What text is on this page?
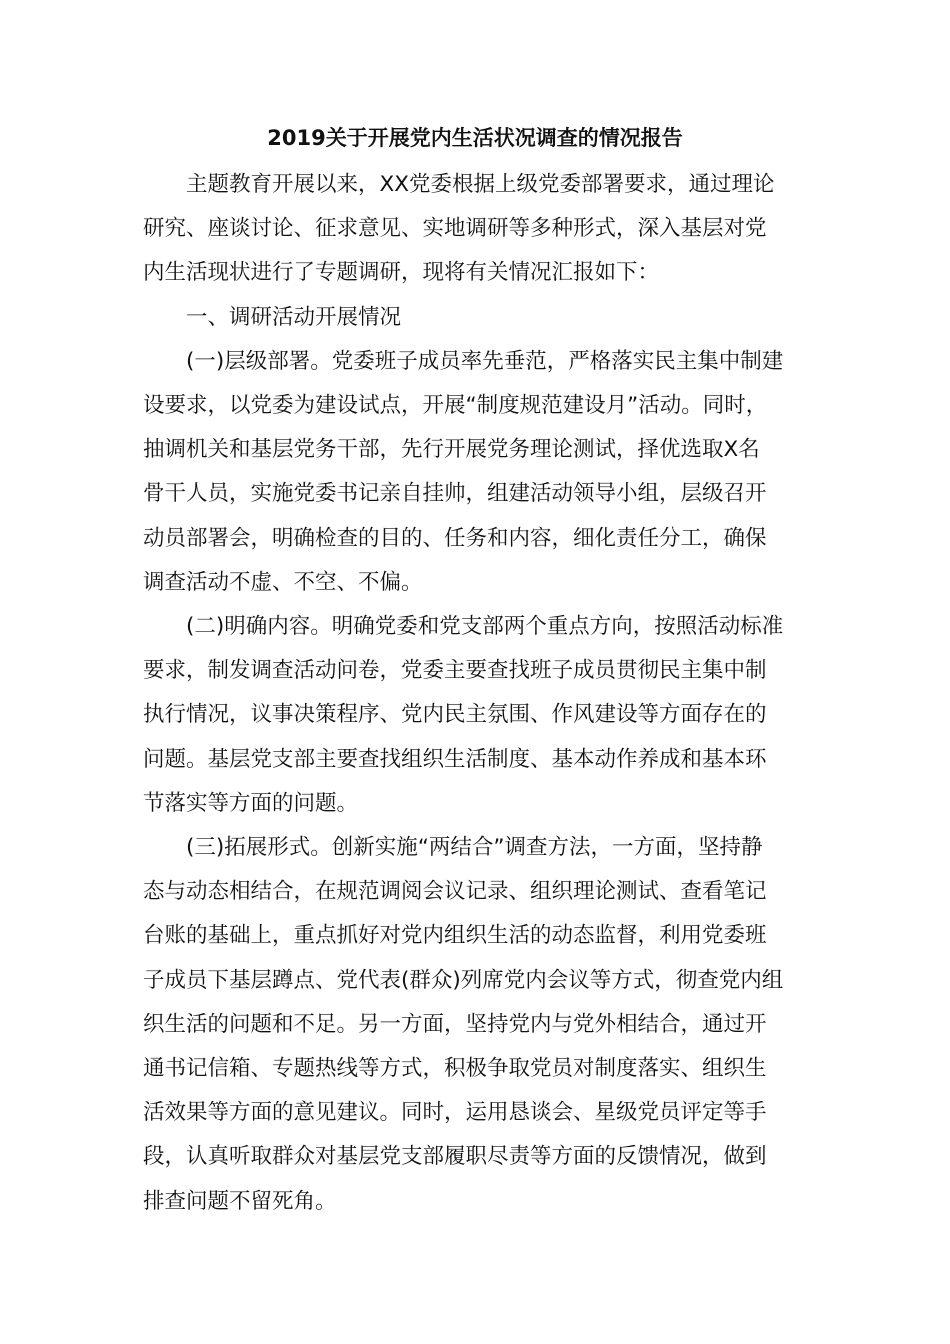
2019关于开展党内生活状况调查的情况报告
主题教育开展以来，XX党委根据上级党委部署要求，通过理论
研究、座谈讨论、征求意见、实地调研等多种形式，深入基层对党
内生活现状进行了专题调研，现将有关情况汇报如下：
一、调研活动开展情况
(一)层级部署。党委班子成员率先垂范，严格落实民主集中制建
设要求，以党委为建设试点，开展“制度规范建设月”活动。同时，
抽调机关和基层党务干部，先行开展党务理论测试，择优选取X名
骨干人员，实施党委书记亲自挂帅，组建活动领导小组，层级召开
动员部署会，明确检查的目的、任务和内容，细化责任分工，确保
调查活动不虚、不空、不偏。
(二)明确内容。明确党委和党支部两个重点方向，按照活动标准
要求，制发调查活动问卷，党委主要查找班子成员贯彻民主集中制
执行情况，议事决策程序、党内民主氛围、作风建设等方面存在的
问题。基层党支部主要查找组织生活制度、基本动作养成和基本环
节落实等方面的问题。
(三)拓展形式。创新实施“两结合”调查方法，一方面，坚持静
态与动态相结合，在规范调阅会议记录、组织理论测试、查看笔记
台账的基础上，重点抓好对党内组织生活的动态监督，利用党委班
子成员下基层蹲点、党代表(群众)列席党内会议等方式，彻查党内组
织生活的问题和不足。另一方面，坚持党内与党外相结合，通过开
通书记信箱、专题热线等方式，积极争取党员对制度落实、组织生
活效果等方面的意见建议。同时，运用恳谈会、星级党员评定等手
段，认真听取群众对基层党支部履职尽责等方面的反馈情况，做到
排查问题不留死角。
